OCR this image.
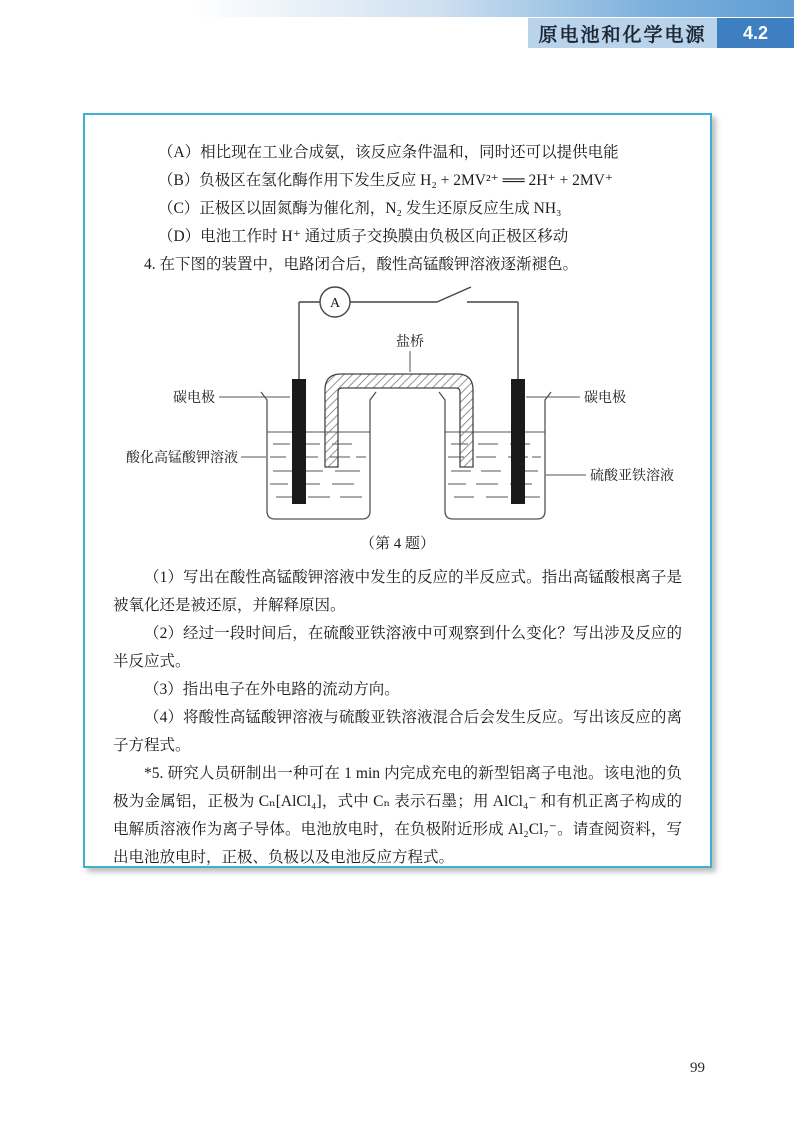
原电池和化学电源 4.2

（A）相比现在工业合成氨，该反应条件温和，同时还可以提供电能

（B）负极区在氢化酶作用下发生反应 H₂ + 2MV²⁺ ══ 2H⁺ + 2MV⁺

（C）正极区以固氮酶为催化剂，N₂ 发生还原反应生成 NH₃

（D）电池工作时 H⁺ 通过质子交换膜由负极区向正极区移动

4. 在下图的装置中，电路闭合后，酸性高锰酸钾溶液逐渐褪色。

A
碳电极	碳电极
盐桥
酸化高锰酸钾溶液
硫酸亚铁溶液

（第 4 题）

（1）写出在酸性高锰酸钾溶液中发生的反应的半反应式。指出高锰酸根离子是被氧化还是被还原，并解释原因。

（2）经过一段时间后，在硫酸亚铁溶液中可观察到什么变化？写出涉及反应的半反应式。

（3）指出电子在外电路的流动方向。

（4）将酸性高锰酸钾溶液与硫酸亚铁溶液混合后会发生反应。写出该反应的离子方程式。

*5. 研究人员研制出一种可在 1 min 内完成充电的新型铝离子电池。该电池的负极为金属铝，正极为 Cₙ[AlCl₄]，式中 Cₙ 表示石墨；用 AlCl₄⁻ 和有机正离子构成的电解质溶液作为离子导体。电池放电时，在负极附近形成 Al₂Cl₇⁻。请查阅资料，写出电池放电时，正极、负极以及电池反应方程式。

99
